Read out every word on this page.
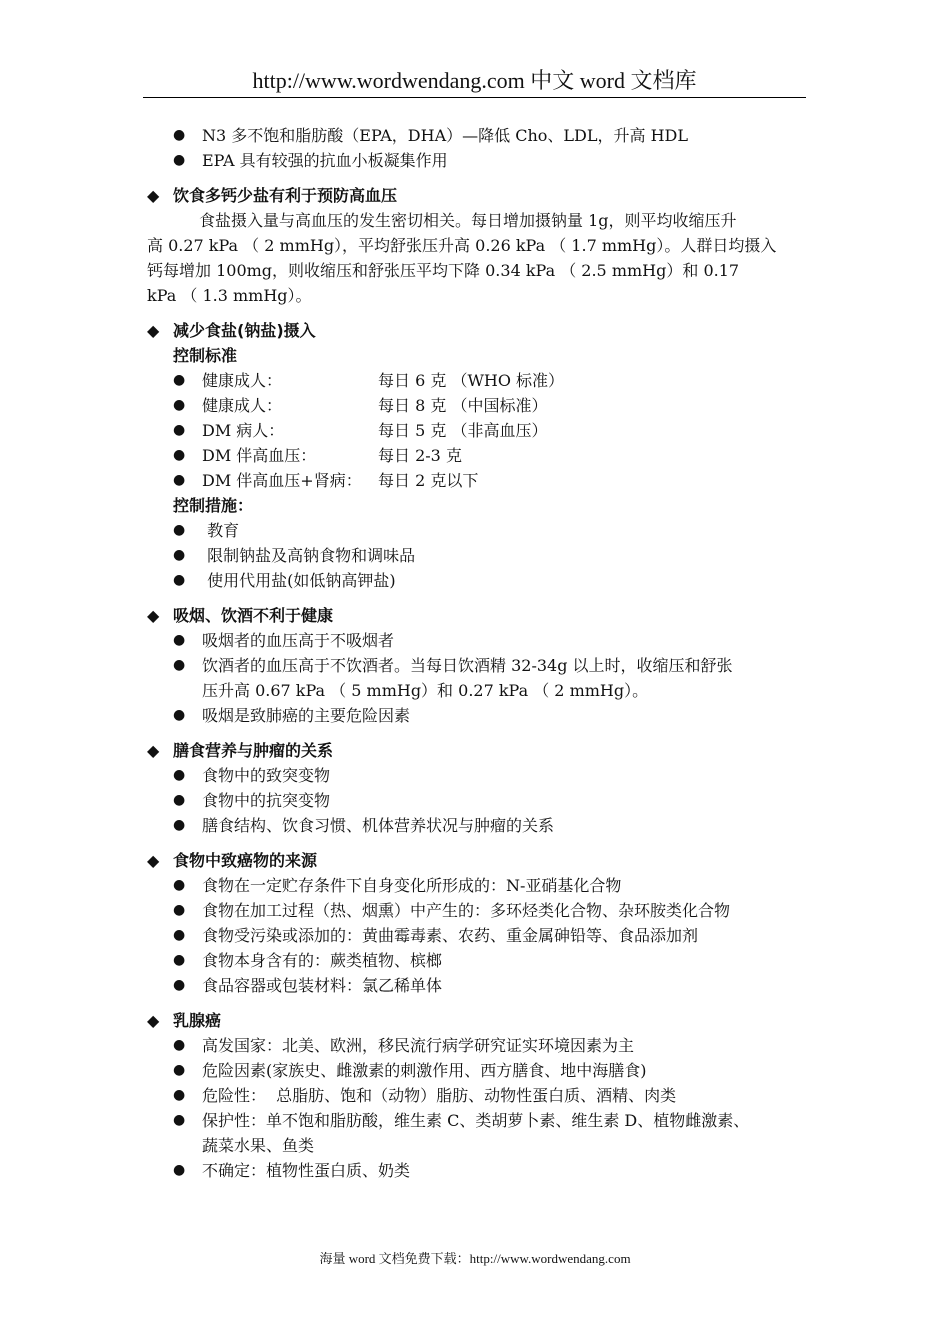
http://www.wordwendang.com 中文 word 文档库
● N3 多不饱和脂肪酸（EPA，DHA）—降低 Cho、LDL，升高 HDL
● EPA 具有较强的抗血小板凝集作用
◆ 饮食多钙少盐有利于预防高血压
食盐摄入量与高血压的发生密切相关。每日增加摄钠量 1g，则平均收缩压升
高 0.27 kPa （ 2 mmHg），平均舒张压升高 0.26 kPa （ 1.7 mmHg）。人群日均摄入
钙每增加 100mg，则收缩压和舒张压平均下降 0.34 kPa （ 2.5 mmHg）和 0.17
kPa （ 1.3 mmHg）。
◆ 减少食盐(钠盐)摄入
控制标准
● 健康成人：	每日 6 克 （WHO 标准）
● 健康成人：	每日 8 克 （中国标准）
● DM 病人：	每日 5 克 （非高血压）
● DM 伴高血压：	每日 2-3 克
● DM 伴高血压+肾病： 每日 2 克以下
控制措施：
●  教育
●  限制钠盐及高钠食物和调味品
●  使用代用盐(如低钠高钾盐)
◆ 吸烟、饮酒不利于健康
● 吸烟者的血压高于不吸烟者
● 饮酒者的血压高于不饮酒者。当每日饮酒精 32-34g 以上时，收缩压和舒张
压升高 0.67 kPa （ 5 mmHg）和 0.27 kPa （ 2 mmHg）。
● 吸烟是致肺癌的主要危险因素
◆ 膳食营养与肿瘤的关系
● 食物中的致突变物
● 食物中的抗突变物
● 膳食结构、饮食习惯、机体营养状况与肿瘤的关系
◆ 食物中致癌物的来源
● 食物在一定贮存条件下自身变化所形成的：N-亚硝基化合物
● 食物在加工过程（热、烟熏）中产生的：多环烃类化合物、杂环胺类化合物
● 食物受污染或添加的：黄曲霉毒素、农药、重金属砷铅等、食品添加剂
● 食物本身含有的：蕨类植物、槟榔
● 食品容器或包装材料：氯乙稀单体
◆ 乳腺癌
● 高发国家：北美、欧洲，移民流行病学研究证实环境因素为主
● 危险因素(家族史、雌激素的刺激作用、西方膳食、地中海膳食)
● 危险性：  总脂肪、饱和（动物）脂肪、动物性蛋白质、酒精、肉类
● 保护性：单不饱和脂肪酸，维生素 C、类胡萝卜素、维生素 D、植物雌激素、
蔬菜水果、鱼类
● 不确定：植物性蛋白质、奶类
海量 word 文档免费下载：http://www.wordwendang.com
